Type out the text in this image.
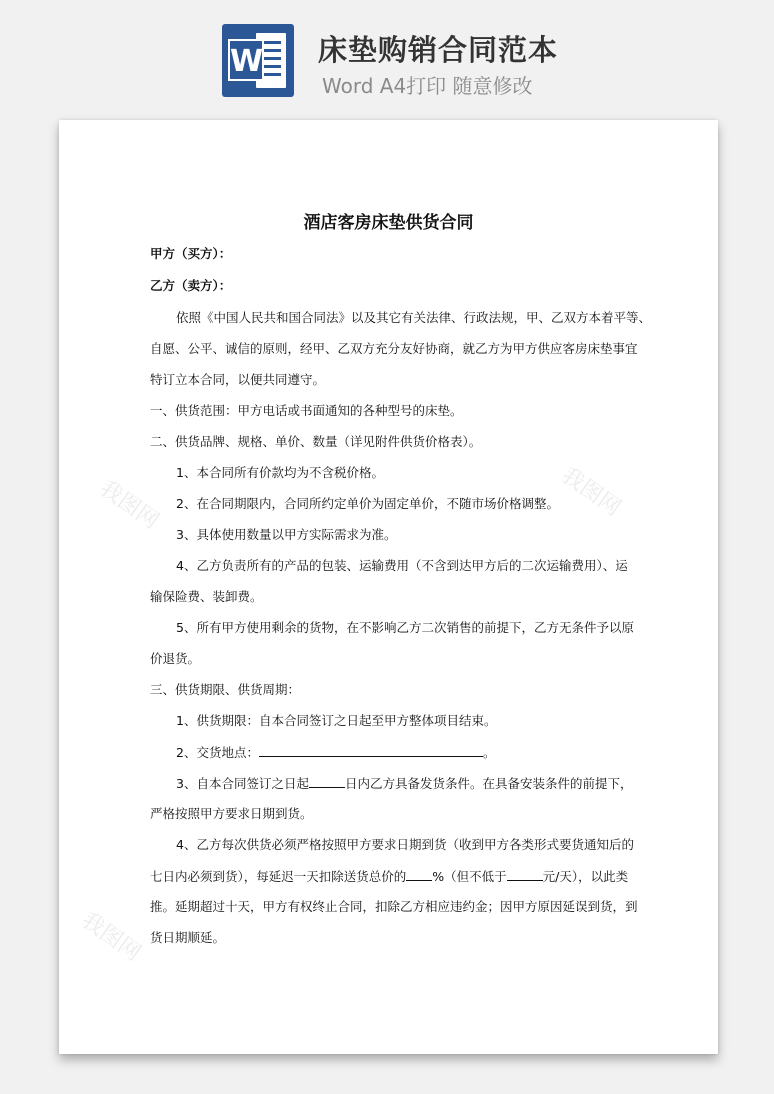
W 床垫购销合同范本
Word A4打印 随意修改
我图网	我图网
我图网
酒店客房床垫供货合同
甲方（买方）：
乙方（卖方）：
依照《中国人民共和国合同法》以及其它有关法律、行政法规，甲、乙双方本着平等、
自愿、公平、诚信的原则，经甲、乙双方充分友好协商，就乙方为甲方供应客房床垫事宜
特订立本合同，以便共同遵守。
一、供货范围：甲方电话或书面通知的各种型号的床垫。
二、供货品牌、规格、单价、数量（详见附件供货价格表）。
1、本合同所有价款均为不含税价格。
2、在合同期限内，合同所约定单价为固定单价，不随市场价格调整。
3、具体使用数量以甲方实际需求为准。
4、乙方负责所有的产品的包装、运输费用（不含到达甲方后的二次运输费用）、运
输保险费、装卸费。
5、所有甲方使用剩余的货物，在不影响乙方二次销售的前提下，乙方无条件予以原
价退货。
三、供货期限、供货周期：
1、供货期限：自本合同签订之日起至甲方整体项目结束。
2、交货地点：	。
3、自本合同签订之日起	日内乙方具备发货条件。在具备安装条件的前提下，
严格按照甲方要求日期到货。
4、乙方每次供货必须严格按照甲方要求日期到货（收到甲方各类形式要货通知后的
七日内必须到货），每延迟一天扣除送货总价的 %（但不低于	元/天），以此类
推。延期超过十天，甲方有权终止合同，扣除乙方相应违约金；因甲方原因延误到货，到
货日期顺延。
